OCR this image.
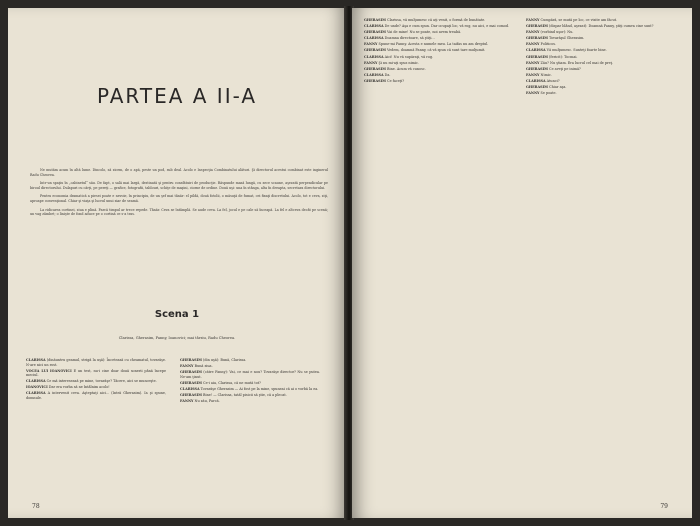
PARTEA A II-A

Ne mutăm acum în altă lume. Dincolo, să zicem, de o apă, peste un pod, sub deal. Acolo e Inspecţia Combinatului alături. Şi directorul acestui combinat este inginerul Radu Cheorea.

Intr-un spaţiu în „cabinetul“ său. De fapt, o sală mai largă, destinată şi pentru consfătuiri de producţie. Răspunde masă lungă, cu zece scaune, aşezată perpendicular pe biroul directorului. Dulapuri cu cărţi, pe pereţi — grafice, fotografii, tablouri, schiţe de maşini, ciorne de ordine. Două uşi: una în stânga, alta în dreapta, secretara directorului.

Pentru economia dramatică a piesei poate e nevoie, în principiu, de un şef mai tânăr: el pildă, două fotolii, o măsuţă de fumat, cei fixaţi discretului. Acolo, tot e ceva, ziţi, aproape convenţional. Chiar şi viaţa şi lucrul unui ziar de seamă.

La ridicarea cortinei, ziua e plină. Parcă timpul ar trece repede. Tânăr. Ceva se întâmplă. Se aude ceva. La fel, jocul e pe cale să înceapă. La fel e altceva decât pe scenă; un vag zâmbet; o linişte de fond aduce pe o cortină ce s-a tras.

Scena 1
Clarissa, Gherasim, Fanny, Ioanovici; mai târziu, Radu Cheorea.

CLARISSA (dinăuntru geamul, strigă la uşă): Încetează cu cheamatul, tovarăşe. N-are nici un rost.

VOCEA LUI IOANOVICI E un test, nu-i cine doar două sonerii până începe meciul.

CLARISSA Ce mă interesează pe mine, tovarăşe? Tăcere, aici se munceşte.

IOANOVICI Dar era vorba să ne întâlnim acolo!

CLARISSA A intervenit ceva. Aşteptaţi aici… (Intră Gherasim). Ia şi spune, domnule.

GHERASIM (din uşă): Bună, Clarissa.

FANNY Bună ziua.

GHERASIM (către Fanny): Vai, ce mai e nou? Tovarăşe director? Nu se putea. Ne-am ţinut.

GHERASIM Ce-i aia, Clarissa, că ne mută tot?

CLARISSA Tovarăşe Gherasim — Ai fost pe la mine, spuneai că ai o vorbă la ea.

GHERASIM Bine! — Clarissa, tatăl pisicii să ştie, că a plecat.

FANNY Nu zău, Parcă.

78

GHERASIM Clarissa, vă mulţumesc că aţi venit, o formă de bunătate.

CLARISSA De unde? Aşa e cum spun. Dar ocupaţi loc, vă rog, nu aici, e mai comod.

GHERASIM Vai de mine! Nu se poate, noi avem treabă.

CLARISSA Doamna directoare, să ştiţi…

FANNY Spune-mi Fanny. Acesta e numele meu. La taifas nu am dreptul.

GHERASIM Vedem, doamnă Fanny, că vă spun că sunt tare mulţumit.

CLARISSA Aici! Nu vă supăraţi, vă rog.

FANNY Şi nu mi-aţi spus nimic.

GHERASIM Bine. Acum vă cunosc.

CLARISSA Da.

GHERASIM Ce faceţi?

FANNY Cumpără, se mută pe loc, ce vizite am făcut.

GHERASIM (dispar blând, aşezat): Doamnă Fanny, ştiţi cumva cine sunt?

FANNY (vorbind uşor): Nu.

GHERASIM Tovarăşul Gherasim.

FANNY Politicos.

CLARISSA Vă mulţumesc. Sunteţi foarte bine.

GHERASIM (fericit): Tocmai.

FANNY Zău? Nu ştiam. Era lucrul cel mai de preţ.

GHERASIM Ce aveţi pe inimă?

FANNY Nimic.

CLARISSA Atunci?

GHERASIM Chiar aşa.

FANNY Se poate.

79
